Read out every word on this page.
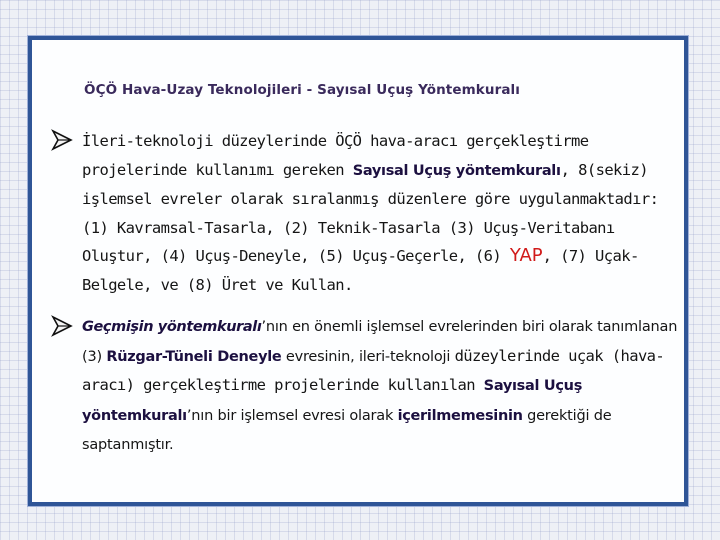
ÖÇÖ Hava-Uzay Teknolojileri - Sayısal Uçuş Yöntemkuralı

İleri-teknoloji düzeylerinde ÖÇÖ hava-aracı gerçekleştirme projelerinde kullanımı gereken Sayısal Uçuş yöntemkuralı, 8(sekiz) işlemsel evreler olarak sıralanmış düzenlere göre uygulanmaktadır: (1) Kavramsal-Tasarla, (2) Teknik-Tasarla (3) Uçuş-Veritabanı Oluştur, (4) Uçuş-Deneyle, (5) Uçuş-Geçerle, (6) YAP, (7) Uçak-Belgele, ve (8) Üret ve Kullan.

Geçmişin yöntemkuralı’nın en önemli işlemsel evrelerinden biri olarak tanımlanan (3) Rüzgar-Tüneli Deneyle evresinin, ileri-teknoloji düzeylerinde uçak (hava-aracı) gerçekleştirme projelerinde kullanılan Sayısal Uçuş yöntemkuralı’nın bir işlemsel evresi olarak içerilmemesinin gerektiği de saptanmıştır.
